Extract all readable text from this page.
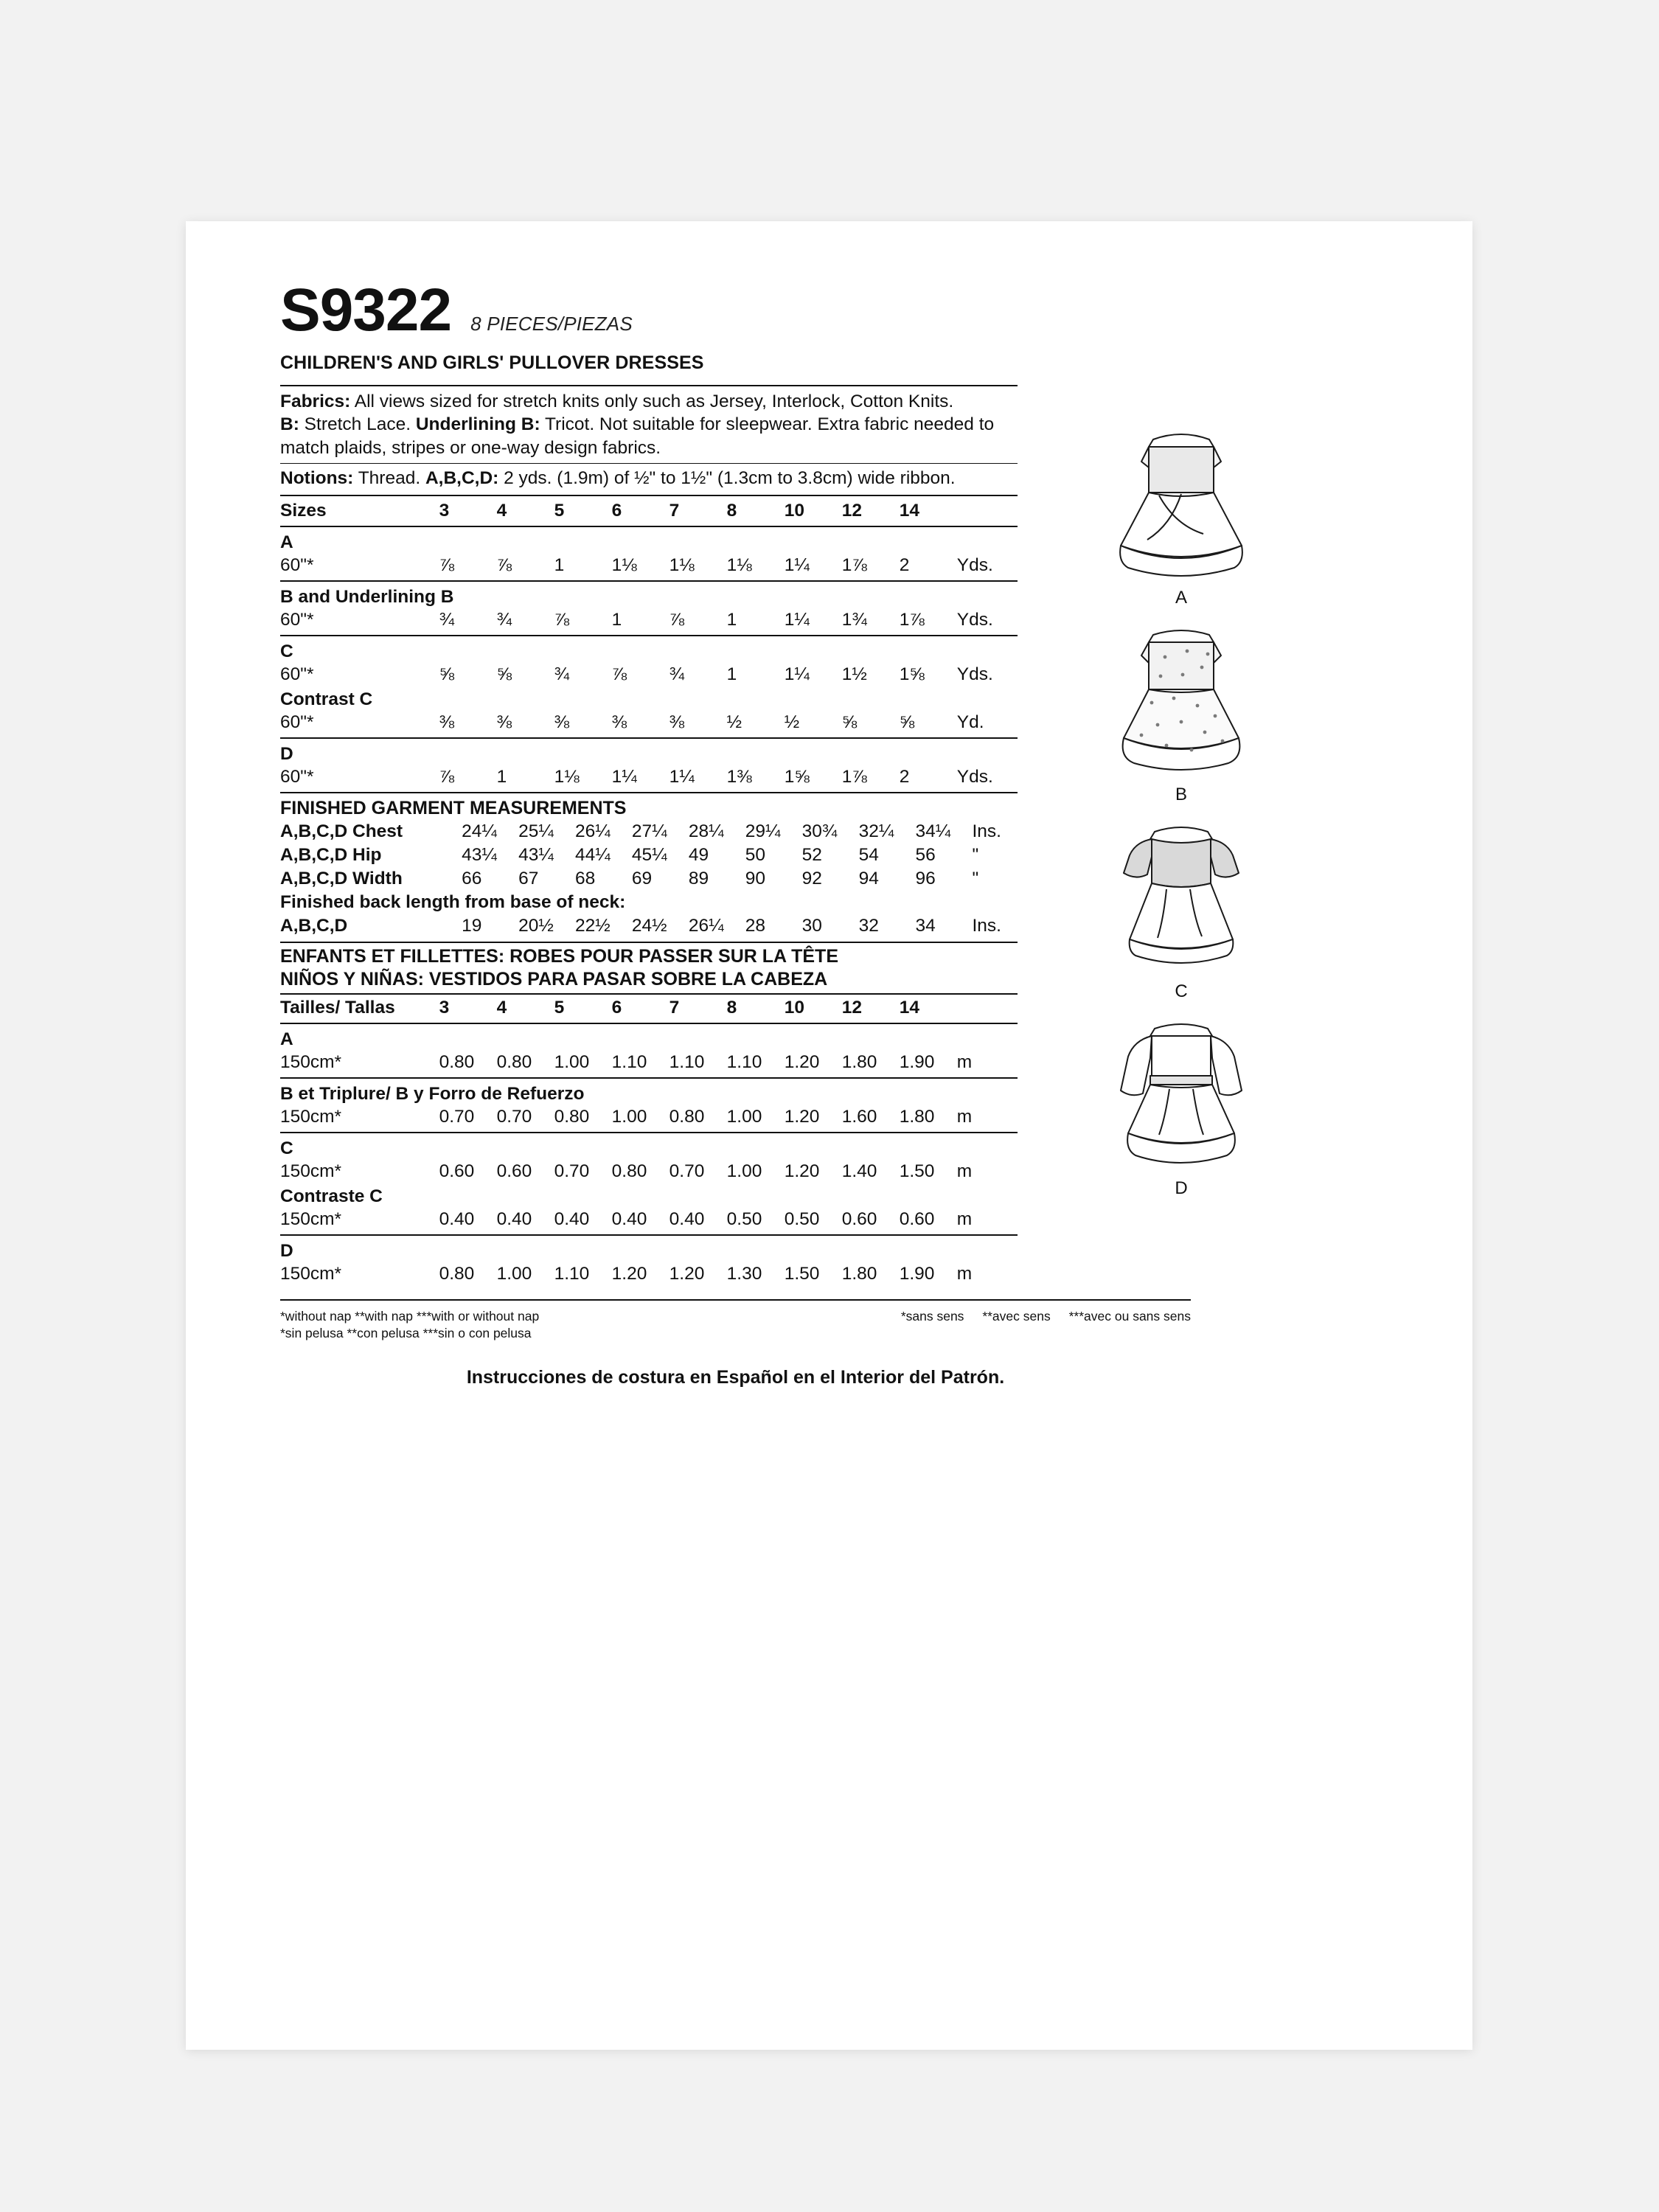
S9322 8 PIECES/PIEZAS
CHILDREN'S AND GIRLS' PULLOVER DRESSES
Fabrics: All views sized for stretch knits only such as Jersey, Interlock, Cotton Knits.
B: Stretch Lace. Underlining B: Tricot. Not suitable for sleepwear. Extra fabric needed to match plaids, stripes or one-way design fabrics.
Notions: Thread. A,B,C,D: 2 yds. (1.9m) of ½" to 1½" (1.3cm to 3.8cm) wide ribbon.
Sizes	3	4	5	6	7	8	10	12	14	
A
60"*	⅞	⅞	1	1⅛	1⅛	1⅛	1¼	1⅞	2	Yds.
B and Underlining B
60"*	¾	¾	⅞	1	⅞	1	1¼	1¾	1⅞	Yds.
C										
60"*	⅝	⅝	¾	⅞	¾	1	1¼	1½	1⅝	Yds.
Contrast C										
60"*	⅜	⅜	⅜	⅜	⅜	½	½	⅝	⅝	Yd.
D
60"*	⅞	1	1⅛	1¼	1¼	1⅜	1⅝	1⅞	2	Yds.
FINISHED GARMENT MEASUREMENTS
A,B,C,D Chest	24¼	25¼	26¼	27¼	28¼	29¼	30¾	32¼	34¼	Ins.
A,B,C,D Hip	43¼	43¼	44¼	45¼	49	50	52	54	56	"
A,B,C,D Width	66	67	68	69	89	90	92	94	96	"
Finished back length from base of neck:										
A,B,C,D	19	20½	22½	24½	26¼	28	30	32	34	Ins.
ENFANTS ET FILLETTES: ROBES POUR PASSER SUR LA TÊTE
NIÑOS Y NIÑAS: VESTIDOS PARA PASAR SOBRE LA CABEZA
Tailles/ Tallas	3	4	5	6	7	8	10	12	14	
A
150cm*	0.80	0.80	1.00	1.10	1.10	1.10	1.20	1.80	1.90	m
B et Triplure/ B y Forro de Refuerzo
150cm*	0.70	0.70	0.80	1.00	0.80	1.00	1.20	1.60	1.80	m
C										
150cm*	0.60	0.60	0.70	0.80	0.70	1.00	1.20	1.40	1.50	m
Contraste C										
150cm*	0.40	0.40	0.40	0.40	0.40	0.50	0.50	0.60	0.60	m
D
150cm*	0.80	1.00	1.10	1.20	1.20	1.30	1.50	1.80	1.90	m
*without nap **with nap ***with or without nap
*sin pelusa **con pelusa ***sin o con pelusa
*sans sens **avec sens ***avec ou sans sens
Instrucciones de costura en Español en el Interior del Patrón.
A
B
C
D
